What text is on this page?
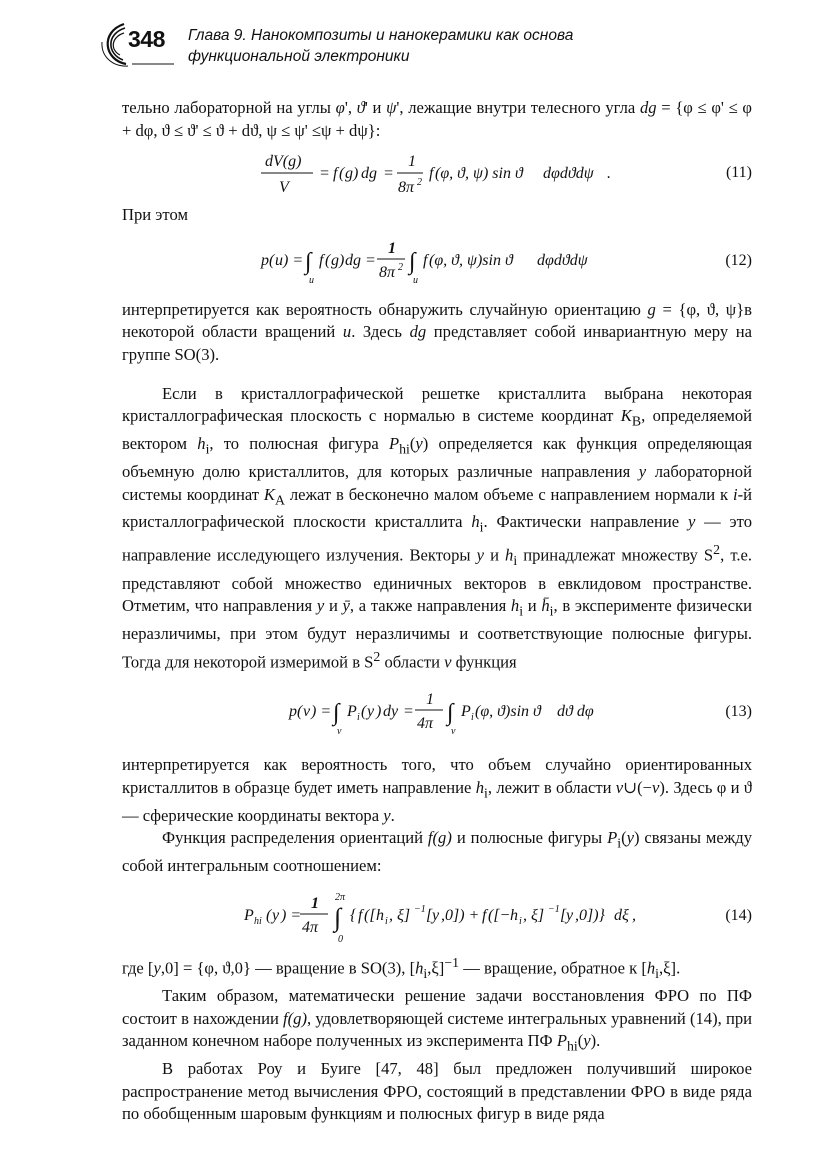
348 Глава 9. Нанокомпозиты и нанокерамики как основа
функциональной электроники

тельно лабораторной на углы φ', ϑ' и ψ', лежащие внутри телесного угла dg = {φ ≤ φ' ≤ φ + dφ, ϑ ≤ ϑ' ≤ ϑ + dϑ, ψ ≤ ψ' ≤ψ + dψ}:

dV(g)
V
= f ( g ) dg =
1
8π 2
f (φ, ϑ, ψ) sin ϑ dφdϑdψ .	(11)

При этом

p ( u ) = ∫
u
f ( g ) dg =
1
8π 2 ∫
u
f (φ, ϑ, ψ)sin ϑ dφdϑdψ	(12)

интерпретируется как вероятность обнаружить случайную ориентацию g = {φ, ϑ, ψ}в некоторой области вращений u. Здесь dg представляет собой инвариантную меру на группе SO(3).

Если в кристаллографической решетке кристаллита выбрана некоторая кристаллографическая плоскость с нормалью в системе координат $K_B$, определяемой вектором $h_i$, то полюсная фигура $P_{hi}(y)$ определяется как функция определяющая объемную долю кристаллитов, для которых различные направления y лабораторной системы координат $K_A$ лежат в бесконечно малом объеме с направлением нормали к i-й кристаллографической плоскости кристаллита $h_i$. Фактически направление y — это направление исследующего излучения. Векторы y и $h_i$ принадлежат множеству $S^2$, т.е. представляют собой множество единичных векторов в евклидовом пространстве. Отметим, что направления y и ȳ, а также направления $h_i$ и $h̄_i$, в эксперименте физически неразличимы, при этом будут неразличимы и соответствующие полюсные фигуры. Тогда для некоторой измеримой в $S^2$ области v функция

p ( v ) = ∫
v
P i ( y ) dy =
1
4π ∫
v
P i (φ, ϑ)sin ϑ dϑ dφ	(13)

интерпретируется как вероятность того, что объем случайно ориентированных кристаллитов в образце будет иметь направление $h_i$, лежит в области v∪(−v). Здесь φ и ϑ — сферические координаты вектора y.

Функция распределения ориентаций f(g) и полюсные фигуры $P_i(y)$ связаны между собой интегральным соотношением:

P hi ( y ) =
1
4π
2π
∫
0
{ f ([ h i , ξ] −1 [ y ,0]) + f ([− h i , ξ] −1 [ y ,0])} dξ ,	(14)

где [y,0] = {φ, ϑ,0} — вращение в SO(3), $[h_i,\xi]^{-1}$ — вращение, обратное к $[h_i,\xi]$.

Таким образом, математически решение задачи восстановления ФРО по ПФ состоит в нахождении f(g), удовлетворяющей системе интегральных уравнений (14), при заданном конечном наборе полученных из эксперимента ПФ $P_{hi}(y)$.

В работах Роу и Буиге [47, 48] был предложен получивший широкое распространение метод вычисления ФРО, состоящий в представлении ФРО в виде ряда по обобщенным шаровым функциям и полюсных фигур в виде ряда
